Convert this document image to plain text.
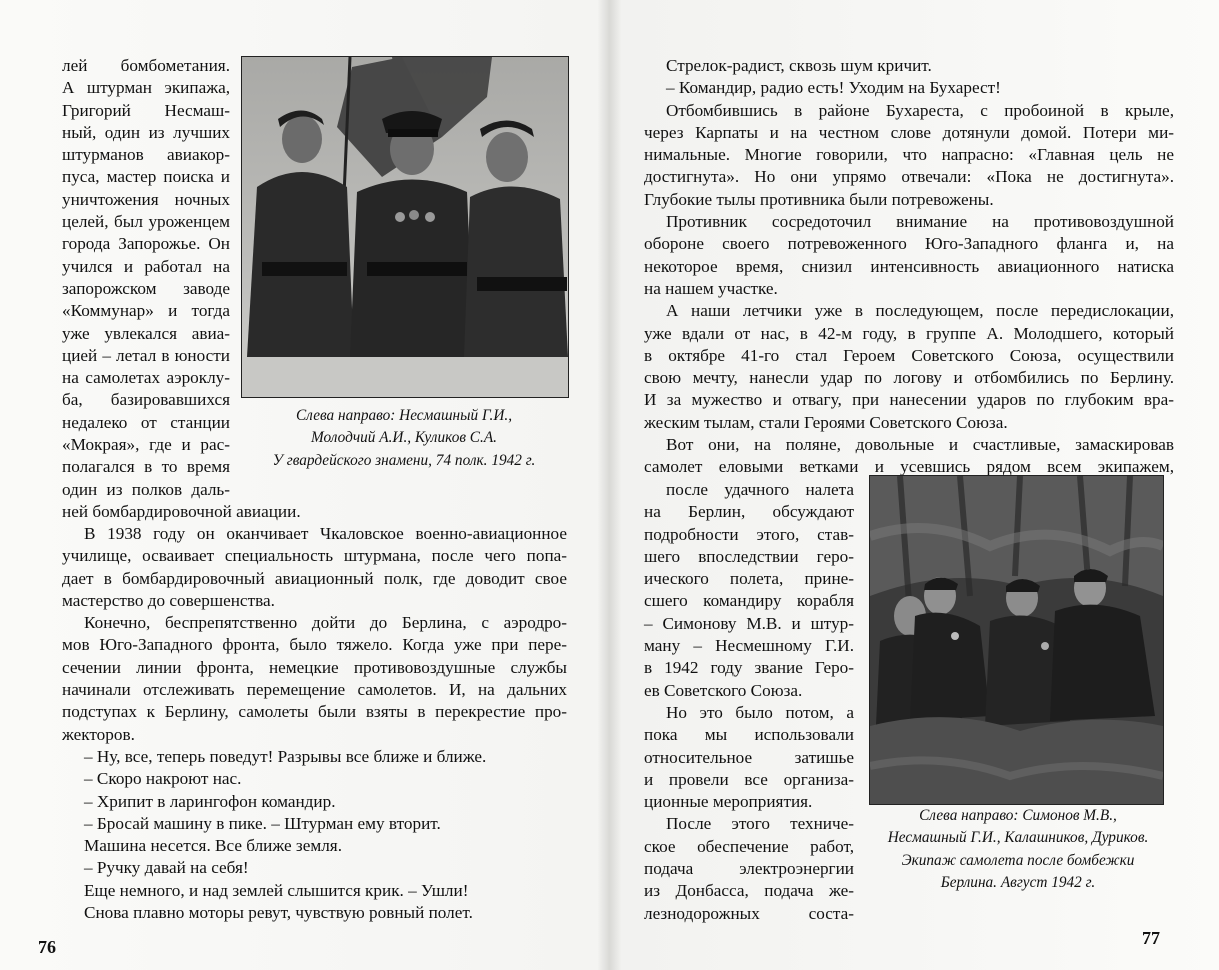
лей бомбометания.
А штурман экипажа,
Григорий Несмаш-
ный, один из лучших
штурманов авиакор-
пуса, мастер поиска и
уничтожения ночных
целей, был уроженцем
города Запорожье. Он
учился и работал на
запорожском заводе
«Коммунар» и тогда
уже увлекался авиа-
цией – летал в юности
на самолетах аэроклу-
ба, базировавшихся
недалеко от станции
«Мокрая», где и рас-
полагался в то время
один из полков даль-
ней бомбардировочной авиации.
Слева направо: Несмашный Г.И.,
Молодчий А.И., Куликов С.А.
У гвардейского знамени, 74 полк. 1942 г.
В 1938 году он оканчивает Чкаловское военно-авиационное
училище, осваивает специальность штурмана, после чего попа-
дает в бомбардировочный авиационный полк, где доводит свое
мастерство до совершенства.
Конечно, беспрепятственно дойти до Берлина, с аэродро-
мов Юго-Западного фронта, было тяжело. Когда уже при пере-
сечении линии фронта, немецкие противовоздушные службы
начинали отслеживать перемещение самолетов. И, на дальних
подступах к Берлину, самолеты были взяты в перекрестие про-
жекторов.
– Ну, все, теперь поведут! Разрывы все ближе и ближе.
– Скоро накроют нас.
– Хрипит в ларингофон командир.
– Бросай машину в пике. – Штурман ему вторит.
Машина несется. Все ближе земля.
– Ручку давай на себя!
Еще немного, и над землей слышится крик. – Ушли!
Снова плавно моторы ревут, чувствую ровный полет.
76
Стрелок-радист, сквозь шум кричит.
– Командир, радио есть! Уходим на Бухарест!
Отбомбившись в районе Бухареста, с пробоиной в крыле,
через Карпаты и на честном слове дотянули домой. Потери ми-
нимальные. Многие говорили, что напрасно: «Главная цель не
достигнута». Но они упрямо отвечали: «Пока не достигнута».
Глубокие тылы противника были потревожены.
Противник сосредоточил внимание на противовоздушной
обороне своего потревоженного Юго-Западного фланга и, на
некоторое время, снизил интенсивность авиационного натиска
на нашем участке.
А наши летчики уже в последующем, после передислокации,
уже вдали от нас, в 42-м году, в группе А. Молодшего, который
в октябре 41-го стал Героем Советского Союза, осуществили
свою мечту, нанесли удар по логову и отбомбились по Берлину.
И за мужество и отвагу, при нанесении ударов по глубоким вра-
жеским тылам, стали Героями Советского Союза.
Вот они, на поляне, довольные и счастливые, замаскировав
самолет еловыми ветками и усевшись рядом всем экипажем,
после удачного налета
на Берлин, обсуждают
подробности этого, став-
шего впоследствии геро-
ического полета, прине-
сшего командиру корабля
– Симонову М.В. и штур-
ману – Несмешному Г.И.
в 1942 году звание Геро-
ев Советского Союза.
Но это было потом, а
пока мы использовали
относительное затишье
и провели все организа-
ционные мероприятия.
После этого техниче-
ское обеспечение работ,
подача электроэнергии
из Донбасса, подача же-
лезнодорожных соста-
Слева направо: Симонов М.В.,
Несмашный Г.И., Калашников, Дуриков.
Экипаж самолета после бомбежки
Берлина. Август 1942 г.
77
